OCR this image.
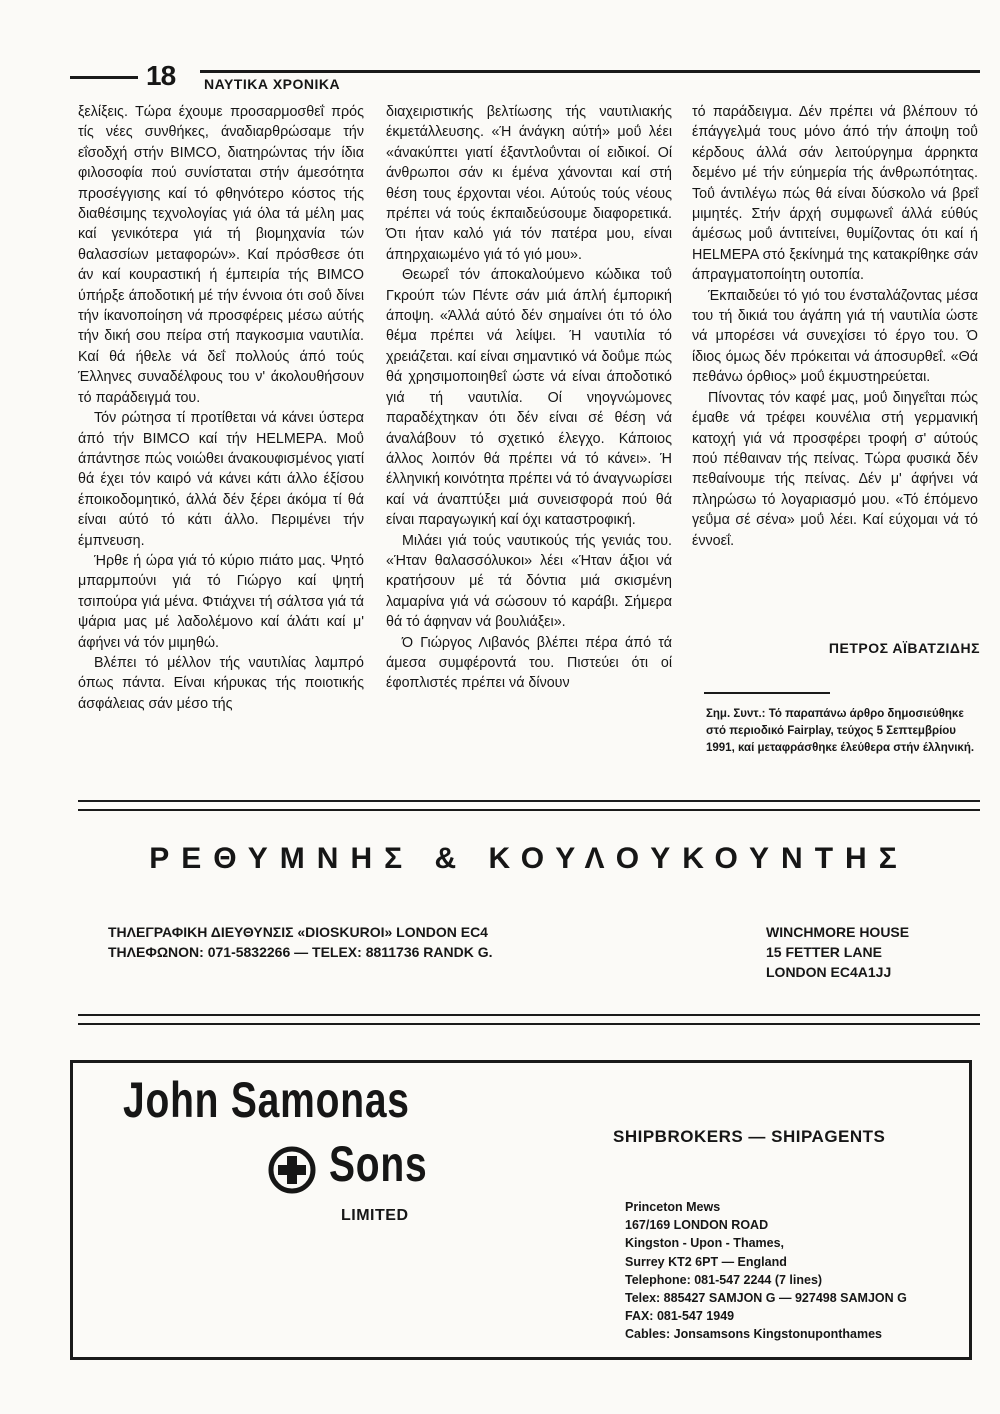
18 ΝΑΥΤΙΚΑ ΧΡΟΝΙΚΑ

ξελίξεις. Τώρα έχουμε προσαρμοσθεΐ πρός τίς νέες συνθήκες, άναδιαρθρώσαμε τήν εΐσοδχή στήν BIMCO, διατηρώντας τήν ίδια φιλοσοφία πού συνίσταται στήν άμεσότητα προσέγγισης καί τό φθηνότερο κόστος τής διαθέσιμης τεχνολογίας γιά όλα τά μέλη μας καί γενικότερα γιά τή βιομηχανία τών θαλασσίων μεταφορών». Καί πρόσθεσε ότι άν καί κουραστική ή έμπειρία τής BIMCO ύπήρξε άποδοτική μέ τήν έννοια ότι σοΰ δίνει τήν ίκανοποίηση νά προσφέρεις μέσω αύτής τήν δική σου πείρα στή παγκοσμια ναυτιλία. Καί θά ήθελε νά δεΐ πολλούς άπό τούς Έλληνες συναδέλφους του ν' άκολουθήσουν τό παράδειγμά του.

Τόν ρώτησα τί προτίθεται νά κάνει ύστερα άπό τήν BIMCO καί τήν HELMEPA. Μοΰ άπάντησε πώς νοιώθει άνακουφισμένος γιατί θά έχει τόν καιρό νά κάνει κάτι άλλο έξίσου έποικοδομητικό, άλλά δέν ξέρει άκόμα τί θά είναι αύτό τό κάτι άλλο. Περιμένει τήν έμπνευση.

Ήρθε ή ώρα γιά τό κύριο πιάτο μας. Ψητό μπαρμπούνι γιά τό Γιώργο καί ψητή τσιπούρα γιά μένα. Φτιάχνει τή σάλτσα γιά τά ψάρια μας μέ λαδολέμονο καί άλάτι καί μ' άφήνει νά τόν μιμηθώ.

Βλέπει τό μέλλον τής ναυτιλίας λαμπρό όπως πάντα. Είναι κήρυκας τής ποιοτικής άσφάλειας σάν μέσο τής

διαχειριστικής βελτίωσης τής ναυτιλιακής έκμετάλλευσης. «Ή άνάγκη αύτή» μοΰ λέει «άνακύπτει γιατί έξαντλοΰνται οί ειδικοί. Οί άνθρωποι σάν κι έμένα χάνονται καί στή θέση τους έρχονται νέοι. Αύτούς τούς νέους πρέπει νά τούς έκπαιδεύσουμε διαφορετικά. Ότι ήταν καλό γιά τόν πατέρα μου, είναι άπηρχαιωμένο γιά τό γιό μου».

Θεωρεΐ τόν άποκαλούμενο κώδικα τοΰ Γκρούπ τών Πέντε σάν μιά άπλή έμπορική άποψη. «Άλλά αύτό δέν σημαίνει ότι τό όλο θέμα πρέπει νά λείψει. Ή ναυτιλία τό χρειάζεται. καί είναι σημαντικό νά δοΰμε πώς θά χρησιμοποιηθεΐ ώστε νά είναι άποδοτικό γιά τή ναυτιλία. Οί νηογνώμονες παραδέχτηκαν ότι δέν είναι σέ θέση νά άναλάβουν τό σχετικό έλεγχο. Κάποιος άλλος λοιπόν θά πρέπει νά τό κάνει». Ή έλληνική κοινότητα πρέπει νά τό άναγνωρίσει καί νά άναπτύξει μιά συνεισφορά πού θά είναι παραγωγική καί όχι καταστροφική.

Μιλάει γιά τούς ναυτικούς τής γενιάς του. «Ήταν θαλασσόλυκοι» λέει «Ήταν άξιοι νά κρατήσουν μέ τά δόντια μιά σκισμένη λαμαρίνα γιά νά σώσουν τό καράβι. Σήμερα θά τό άφηναν νά βουλιάξει».

Ό Γιώργος Λιβανός βλέπει πέρα άπό τά άμεσα συμφέροντά του. Πιστεύει ότι οί έφοπλιστές πρέπει νά δίνουν

τό παράδειγμα. Δέν πρέπει νά βλέπουν τό έπάγγελμά τους μόνο άπό τήν άποψη τοΰ κέρδους άλλά σάν λειτούργημα άρρηκτα δεμένο μέ τήν εύημερία τής άνθρωπότητας. Τοΰ άντιλέγω πώς θά είναι δύσκολο νά βρεΐ μιμητές. Στήν άρχή συμφωνεΐ άλλά εύθύς άμέσως μοΰ άντιτείνει, θυμίζοντας ότι καί ή HELMEPA στό ξεκίνημά της κατακρίθηκε σάν άπραγματοποίητη ουτοπία.

Έκπαιδεύει τό γιό του ένσταλάζοντας μέσα του τή δικιά του άγάπη γιά τή ναυτιλία ώστε νά μπορέσει νά συνεχίσει τό έργο του. Ό ίδιος όμως δέν πρόκειται νά άποσυρθεΐ. «Θά πεθάνω όρθιος» μοΰ έκμυστηρεύεται.

Πίνοντας τόν καφέ μας, μοΰ διηγεΐται πώς έμαθε νά τρέφει κουνέλια στή γερμανική κατοχή γιά νά προσφέρει τροφή σ' αύτούς πού πέθαιναν τής πείνας. Τώρα φυσικά δέν πεθαίνουμε τής πείνας. Δέν μ' άφήνει νά πληρώσω τό λογαριασμό μου. «Τό έπόμενο γεΰμα σέ σένα» μοΰ λέει. Καί εύχομαι νά τό έννοεΐ.

ΠΕΤΡΟΣ ΑΪΒΑΤΖΙΔΗΣ
Σημ. Συντ.: Τό παραπάνω άρθρο δημοσιεύθηκε στό περιοδικό Fairplay, τεύχος 5 Σεπτεμβρίου 1991, καί μεταφράσθηκε έλεύθερα στήν έλληνική.
ΡΕΘΥΜΝΗΣ & ΚΟΥΛΟΥΚΟΥΝΤΗΣ
ΤΗΛΕΓΡΑΦΙΚΗ ΔΙΕΥΘΥΝΣΙΣ «DIOSKUROI» LONDON EC4
ΤΗΛΕΦΩΝΟΝ: 071-5832266 — TELEX: 8811736 RANDK G.
WINCHMORE HOUSE
15 FETTER LANE
LONDON EC4A1JJ
John Samonas
Sons
LIMITED
SHIPBROKERS — SHIPAGENTS
Princeton Mews
167/169 LONDON ROAD
Kingston - Upon - Thames,
Surrey KT2 6PT — England
Telephone: 081-547 2244 (7 lines)
Telex: 885427 SAMJON G — 927498 SAMJON G
FAX: 081-547 1949
Cables: Jonsamsons Kingstonuponthames
